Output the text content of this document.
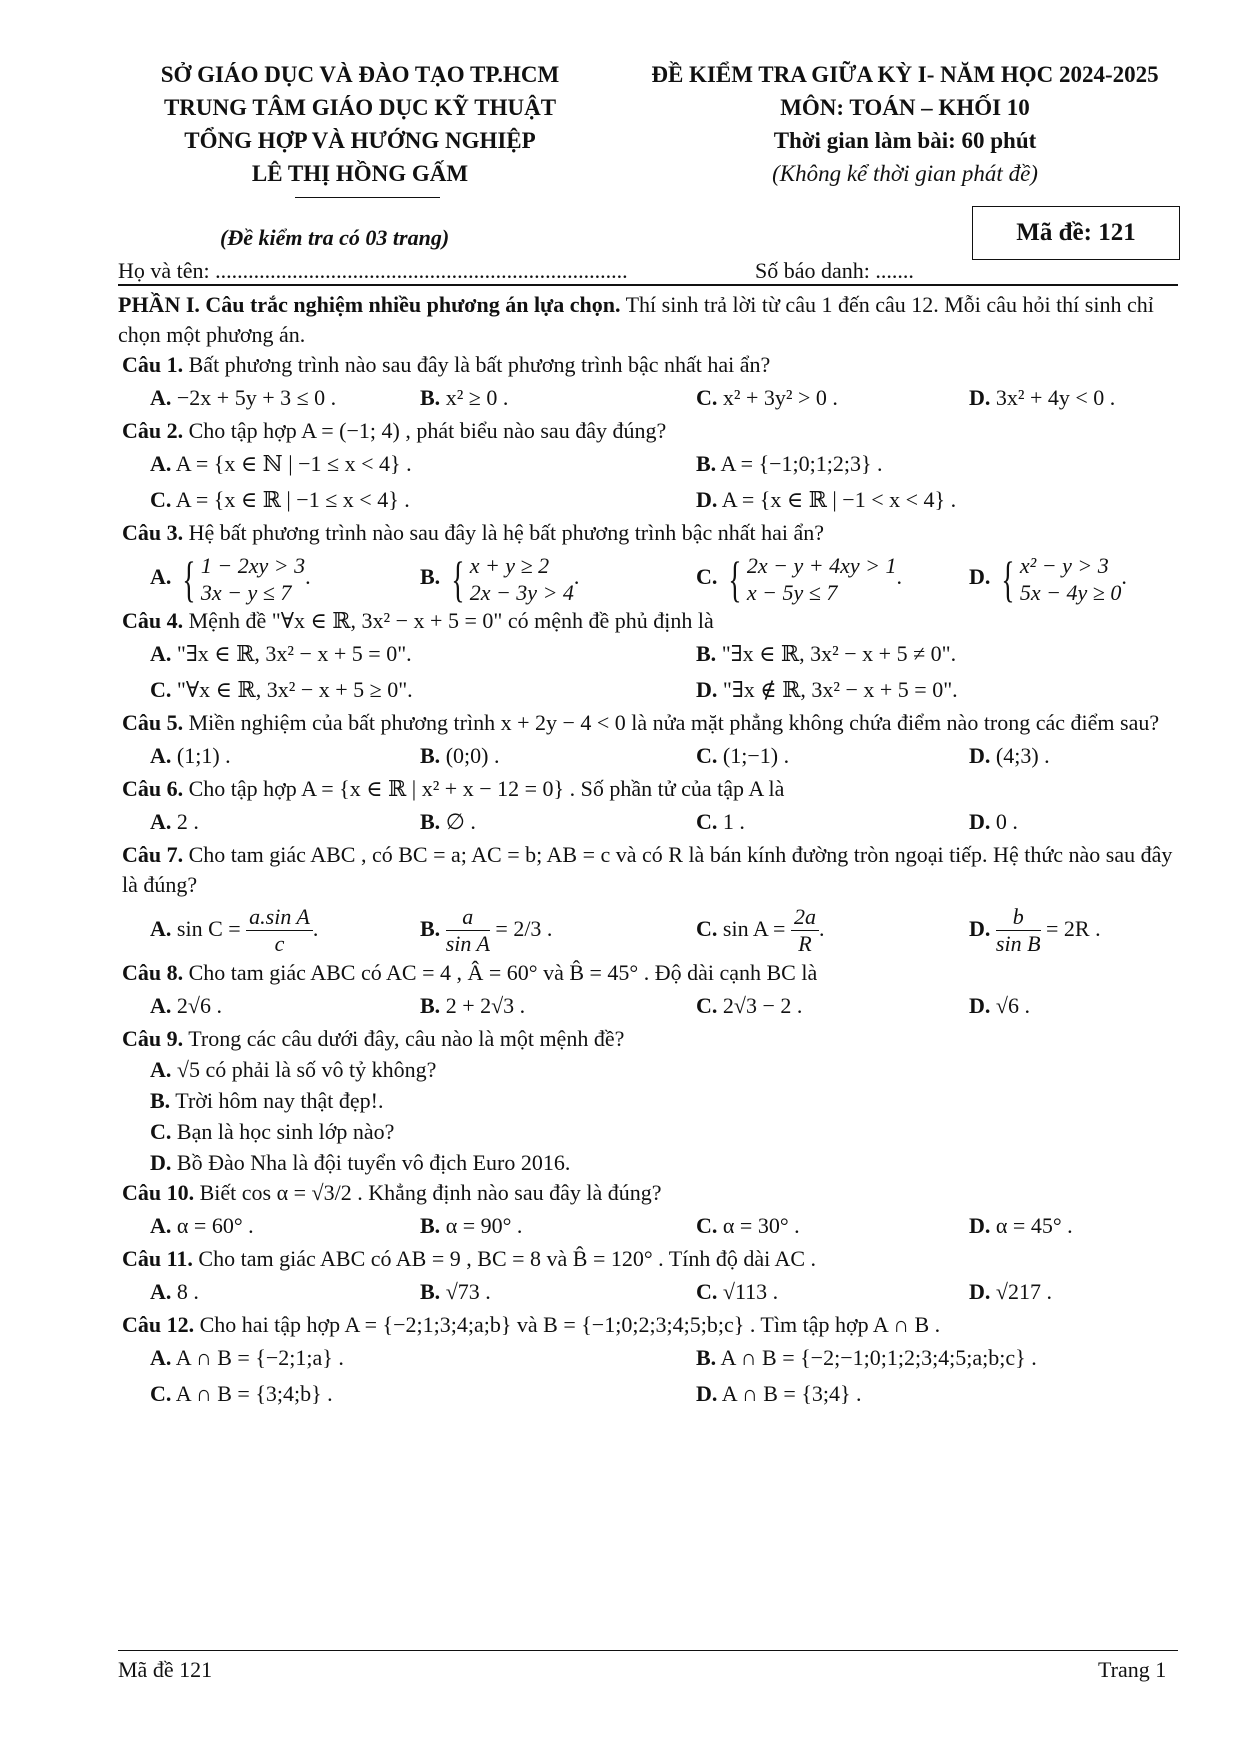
SỞ GIÁO DỤC VÀ ĐÀO TẠO TP.HCM
TRUNG TÂM GIÁO DỤC KỸ THUẬT
TỔNG HỢP VÀ HƯỚNG NGHIỆP
LÊ THỊ HỒNG GẤM
ĐỀ KIỂM TRA GIỮA KỲ I- NĂM HỌC 2024-2025
MÔN: TOÁN – KHỐI 10
Thời gian làm bài: 60 phút
(Không kể thời gian phát đề)
(Đề kiểm tra có 03 trang)	Mã đề: 121
Họ và tên: ...........................................................................	Số báo danh: .......
PHẦN I. Câu trắc nghiệm nhiều phương án lựa chọn. Thí sinh trả lời từ câu 1 đến câu 12. Mỗi câu hỏi thí sinh chỉ chọn một phương án.
Câu 1. Bất phương trình nào sau đây là bất phương trình bậc nhất hai ẩn?
A. −2x + 5y + 3 ≤ 0 .	B. x² ≥ 0 .	C. x² + 3y² > 0 .	D. 3x² + 4y < 0 .
Câu 2. Cho tập hợp A = (−1; 4) , phát biểu nào sau đây đúng?
A. A = {x ∈ ℕ | −1 ≤ x < 4} .	B. A = {−1;0;1;2;3} .
C. A = {x ∈ ℝ | −1 ≤ x < 4} .	D. A = {x ∈ ℝ | −1 < x < 4} .
Câu 3. Hệ bất phương trình nào sau đây là hệ bất phương trình bậc nhất hai ẩn?
A. { 1 − 2xy > 3
3x − y ≤ 7
.	B. { x + y ≥ 2
2x − 3y > 4
.	C. { 2x − y + 4xy > 1
x − 5y ≤ 7
.	D. { x² − y > 3
5x − 4y ≥ 0
.
Câu 4. Mệnh đề "∀x ∈ ℝ, 3x² − x + 5 = 0" có mệnh đề phủ định là
A. "∃x ∈ ℝ, 3x² − x + 5 = 0".	B. "∃x ∈ ℝ, 3x² − x + 5 ≠ 0".
C. "∀x ∈ ℝ, 3x² − x + 5 ≥ 0".	D. "∃x ∉ ℝ, 3x² − x + 5 = 0".
Câu 5. Miền nghiệm của bất phương trình x + 2y − 4 < 0 là nửa mặt phẳng không chứa điểm nào trong các điểm sau?
A. (1;1) .	B. (0;0) .	C. (1;−1) .	D. (4;3) .
Câu 6. Cho tập hợp A = {x ∈ ℝ | x² + x − 12 = 0} . Số phần tử của tập A là
A. 2 .	B. ∅ .	C. 1 .	D. 0 .
Câu 7. Cho tam giác ABC , có BC = a; AC = b; AB = c và có R là bán kính đường tròn ngoại tiếp. Hệ thức nào sau đây là đúng?
A. $\sin C = \frac{\text{a.sin A}}{c}$ .	B. $\frac{a}{\text{sin A}} = 2/3$ .	C. $\sin A = \frac{2a}{R}$ .	D. $\frac{b}{\text{sin B}} = 2R$ .
Câu 8. Cho tam giác ABC có AC = 4 , Â = 60° và B̂ = 45° . Độ dài cạnh BC là
A. 2√6 .	B. 2 + 2√3 .	C. 2√3 − 2 .	D. √6 .
Câu 9. Trong các câu dưới đây, câu nào là một mệnh đề?
A. √5 có phải là số vô tỷ không?
B. Trời hôm nay thật đẹp!.
C. Bạn là học sinh lớp nào?
D. Bồ Đào Nha là đội tuyển vô địch Euro 2016.
Câu 10. Biết cos α = √3/2 . Khẳng định nào sau đây là đúng?
A. α = 60° .	B. α = 90° .	C. α = 30° .	D. α = 45° .
Câu 11. Cho tam giác ABC có AB = 9 , BC = 8 và B̂ = 120° . Tính độ dài AC .
A. 8 .	B. √73 .	C. √113 .	D. √217 .
Câu 12. Cho hai tập hợp A = {−2;1;3;4;a;b} và B = {−1;0;2;3;4;5;b;c} . Tìm tập hợp A ∩ B .
A. A ∩ B = {−2;1;a} .	B. A ∩ B = {−2;−1;0;1;2;3;4;5;a;b;c} .
C. A ∩ B = {3;4;b} .	D. A ∩ B = {3;4} .
Mã đề 121	Trang 1
